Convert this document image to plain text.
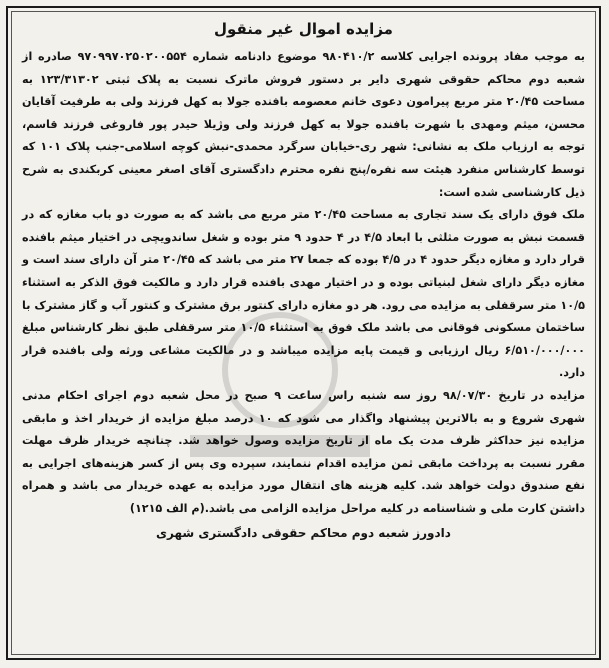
مزایده اموال غیر منقول

به موجب مفاد پرونده اجرایی کلاسه ۹۸۰۴۱۰/۲ موضوع دادنامه شماره ۹۷۰۹۹۷۰۲۵۰۲۰۰۵۵۴ صادره از شعبه دوم محاکم حقوقی شهری دایر بر دستور فروش ماترک نسبت به پلاک ثبتی ۱۲۳/۳۱۳۰۲ به مساحت ۲۰/۴۵ متر مربع پیرامون دعوی خانم معصومه بافنده جولا به کهل فرزند ولی به طرفیت آقایان محسن، میثم ومهدی با شهرت بافنده جولا به کهل فرزند ولی وژیلا حیدر پور فاروغی فرزند قاسم، توجه به ارزیاب ملک به نشانی: شهر ری-خیابان سرگرد محمدی-نبش کوچه اسلامی-جنب پلاک ۱۰۱ که توسط کارشناس منفرد هیئت سه نفره/پنج نفره محترم دادگستری آقای اصغر معینی کربکندی به شرح ذیل کارشناسی شده است:

ملک فوق دارای یک سند تجاری به مساحت ۲۰/۴۵ متر مربع می باشد که به صورت دو باب مغازه که در قسمت نبش به صورت مثلثی با ابعاد ۴/۵ در ۴ حدود ۹ متر بوده و شغل ساندویچی در اختیار میثم بافنده قرار دارد و مغازه دیگر حدود ۴ در ۴/۵ بوده که جمعا ۲۷ متر می باشد که ۲۰/۴۵ متر آن دارای سند است و مغازه دیگر دارای شغل لبنیاتی بوده و در اختیار مهدی بافنده قرار دارد و مالکیت فوق الذکر به استثناء ۱۰/۵ متر سرقفلی به مزایده می رود. هر دو مغازه دارای کنتور برق مشترک و کنتور آب و گاز مشترک با ساختمان مسکونی فوقانی می باشد ملک فوق به استثناء ۱۰/۵ متر سرقفلی طبق نظر کارشناس مبلغ ۶/۵۱۰/۰۰۰/۰۰۰ ریال ارزیابی و قیمت پایه مزایده میباشد و در مالکیت مشاعی ورثه ولی بافنده قرار دارد.

مزایده در تاریخ ۹۸/۰۷/۳۰ روز سه شنبه راس ساعت ۹ صبح در محل شعبه دوم اجرای احکام مدنی شهری شروع و به بالاترین پیشنهاد واگذار می شود که ۱۰ درصد مبلغ مزایده از خریدار اخذ و مابقی مزایده نیز حداکثر ظرف مدت یک ماه از تاریخ مزایده وصول خواهد شد. چنانچه خریدار ظرف مهلت مقرر نسبت به پرداخت مابقی ثمن مزایده اقدام ننمایند، سپرده وی پس از کسر هزینه‌های اجرایی به نفع صندوق دولت خواهد شد. کلیه هزینه های انتقال مورد مزایده به عهده خریدار می باشد و همراه داشتن کارت ملی و شناسنامه در کلیه مراحل مزایده الزامی می باشد.(م الف ۱۲۱۵)

دادورز شعبه دوم محاکم حقوقی دادگستری شهری
